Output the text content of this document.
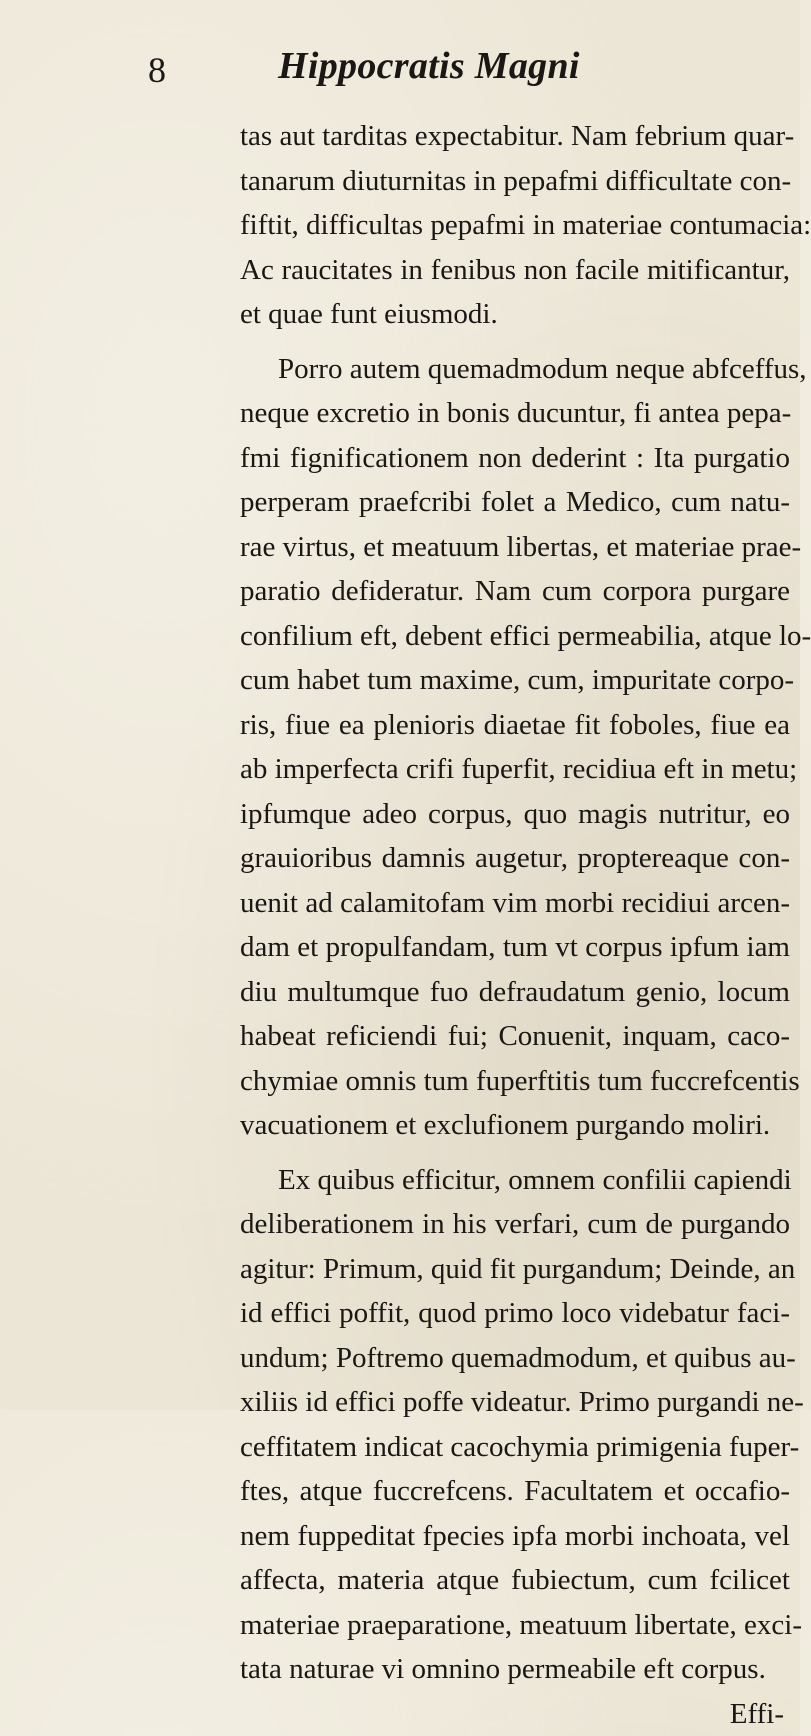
8	Hippocratis Magni
tas aut tarditas expectabitur. Nam febrium quar-
tanarum diuturnitas in pepafmi difficultate con-
fiftit, difficultas pepafmi in materiae contumacia:
Ac raucitates in fenibus non facile mitificantur,
et quae funt eiusmodi.
Porro autem quemadmodum neque abfceffus,
neque excretio in bonis ducuntur, fi antea pepa-
fmi fignificationem non dederint : Ita purgatio
perperam praefcribi folet a Medico, cum natu-
rae virtus, et meatuum libertas, et materiae prae-
paratio defideratur. Nam cum corpora purgare
confilium eft, debent effici permeabilia, atque lo-
cum habet tum maxime, cum, impuritate corpo-
ris, fiue ea plenioris diaetae fit foboles, fiue ea
ab imperfecta crifi fuperfit, recidiua eft in metu;
ipfumque adeo corpus, quo magis nutritur, eo
grauioribus damnis augetur, proptereaque con-
uenit ad calamitofam vim morbi recidiui arcen-
dam et propulfandam, tum vt corpus ipfum iam
diu multumque fuo defraudatum genio, locum
habeat reficiendi fui; Conuenit, inquam, caco-
chymiae omnis tum fuperftitis tum fuccrefcentis
vacuationem et exclufionem purgando moliri.
Ex quibus efficitur, omnem confilii capiendi
deliberationem in his verfari, cum de purgando
agitur: Primum, quid fit purgandum; Deinde, an
id effici poffit, quod primo loco videbatur faci-
undum; Poftremo quemadmodum, et quibus au-
xiliis id effici poffe videatur. Primo purgandi ne-
ceffitatem indicat cacochymia primigenia fuper-
ftes, atque fuccrefcens. Facultatem et occafio-
nem fuppeditat fpecies ipfa morbi inchoata, vel
affecta, materia atque fubiectum, cum fcilicet
materiae praeparatione, meatuum libertate, exci-
tata naturae vi omnino permeabile eft corpus.
Effi-
